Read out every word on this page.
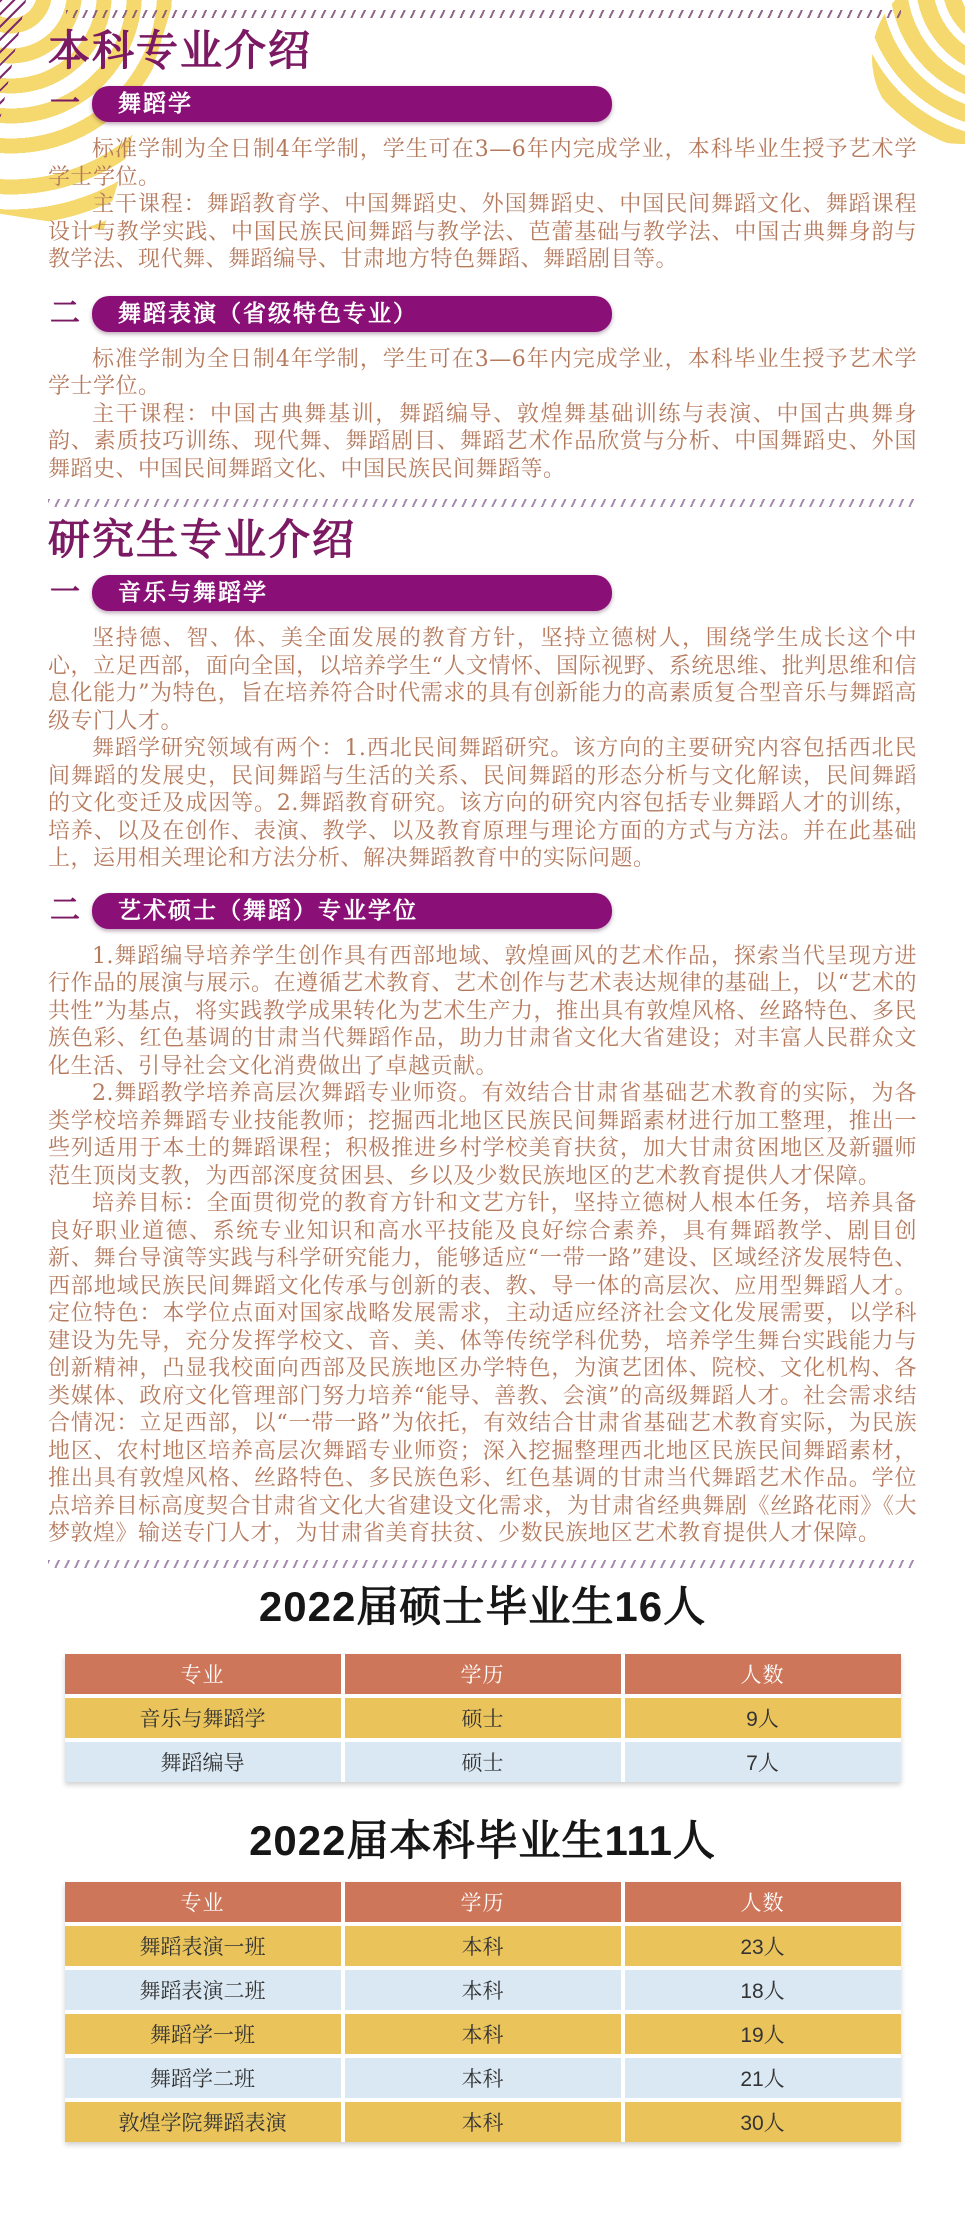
本科专业介绍
一	舞蹈学

标准学制为全日制4年学制，学生可在3—6年内完成学业，本科毕业生授予艺术学学士学位。

主干课程：舞蹈教育学、中国舞蹈史、外国舞蹈史、中国民间舞蹈文化、舞蹈课程设计与教学实践、中国民族民间舞蹈与教学法、芭蕾基础与教学法、中国古典舞身韵与教学法、现代舞、舞蹈编导、甘肃地方特色舞蹈、舞蹈剧目等。

二	舞蹈表演（省级特色专业）

标准学制为全日制4年学制，学生可在3—6年内完成学业，本科毕业生授予艺术学学士学位。

主干课程：中国古典舞基训，舞蹈编导、敦煌舞基础训练与表演、中国古典舞身韵、素质技巧训练、现代舞、舞蹈剧目、舞蹈艺术作品欣赏与分析、中国舞蹈史、外国舞蹈史、中国民间舞蹈文化、中国民族民间舞蹈等。

研究生专业介绍
一	音乐与舞蹈学

坚持德、智、体、美全面发展的教育方针，坚持立德树人，围绕学生成长这个中心，立足西部，面向全国，以培养学生“人文情怀、国际视野、系统思维、批判思维和信息化能力”为特色，旨在培养符合时代需求的具有创新能力的高素质复合型音乐与舞蹈高级专门人才。

舞蹈学研究领域有两个：1.西北民间舞蹈研究。该方向的主要研究内容包括西北民间舞蹈的发展史，民间舞蹈与生活的关系、民间舞蹈的形态分析与文化解读，民间舞蹈的文化变迁及成因等。2.舞蹈教育研究。该方向的研究内容包括专业舞蹈人才的训练，培养、以及在创作、表演、教学、以及教育原理与理论方面的方式与方法。并在此基础上，运用相关理论和方法分析、解决舞蹈教育中的实际问题。

二	艺术硕士（舞蹈）专业学位

1.舞蹈编导培养学生创作具有西部地域、敦煌画风的艺术作品，探索当代呈现方进行作品的展演与展示。在遵循艺术教育、艺术创作与艺术表达规律的基础上，以“艺术的共性”为基点，将实践教学成果转化为艺术生产力，推出具有敦煌风格、丝路特色、多民族色彩、红色基调的甘肃当代舞蹈作品，助力甘肃省文化大省建设；对丰富人民群众文化生活、引导社会文化消费做出了卓越贡献。

2.舞蹈教学培养高层次舞蹈专业师资。有效结合甘肃省基础艺术教育的实际，为各类学校培养舞蹈专业技能教师；挖掘西北地区民族民间舞蹈素材进行加工整理，推出一些列适用于本土的舞蹈课程；积极推进乡村学校美育扶贫，加大甘肃贫困地区及新疆师范生顶岗支教，为西部深度贫困县、乡以及少数民族地区的艺术教育提供人才保障。

培养目标：全面贯彻党的教育方针和文艺方针，坚持立德树人根本任务，培养具备良好职业道德、系统专业知识和高水平技能及良好综合素养，具有舞蹈教学、剧目创新、舞台导演等实践与科学研究能力，能够适应“一带一路”建设、区域经济发展特色、西部地域民族民间舞蹈文化传承与创新的表、教、导一体的高层次、应用型舞蹈人才。定位特色：本学位点面对国家战略发展需求，主动适应经济社会文化发展需要，以学科建设为先导，充分发挥学校文、音、美、体等传统学科优势，培养学生舞台实践能力与创新精神，凸显我校面向西部及民族地区办学特色，为演艺团体、院校、文化机构、各类媒体、政府文化管理部门努力培养“能导、善教、会演”的高级舞蹈人才。社会需求结合情况：立足西部，以“一带一路”为依托，有效结合甘肃省基础艺术教育实际，为民族地区、农村地区培养高层次舞蹈专业师资；深入挖掘整理西北地区民族民间舞蹈素材，推出具有敦煌风格、丝路特色、多民族色彩、红色基调的甘肃当代舞蹈艺术作品。学位点培养目标高度契合甘肃省文化大省建设文化需求，为甘肃省经典舞剧《丝路花雨》《大梦敦煌》输送专门人才，为甘肃省美育扶贫、少数民族地区艺术教育提供人才保障。

2022届硕士毕业生16人
专业	学历	人数
音乐与舞蹈学	硕士	9人
舞蹈编导	硕士	7人
2022届本科毕业生111人
专业	学历	人数
舞蹈表演一班	本科	23人
舞蹈表演二班	本科	18人
舞蹈学一班	本科	19人
舞蹈学二班	本科	21人
敦煌学院舞蹈表演	本科	30人
